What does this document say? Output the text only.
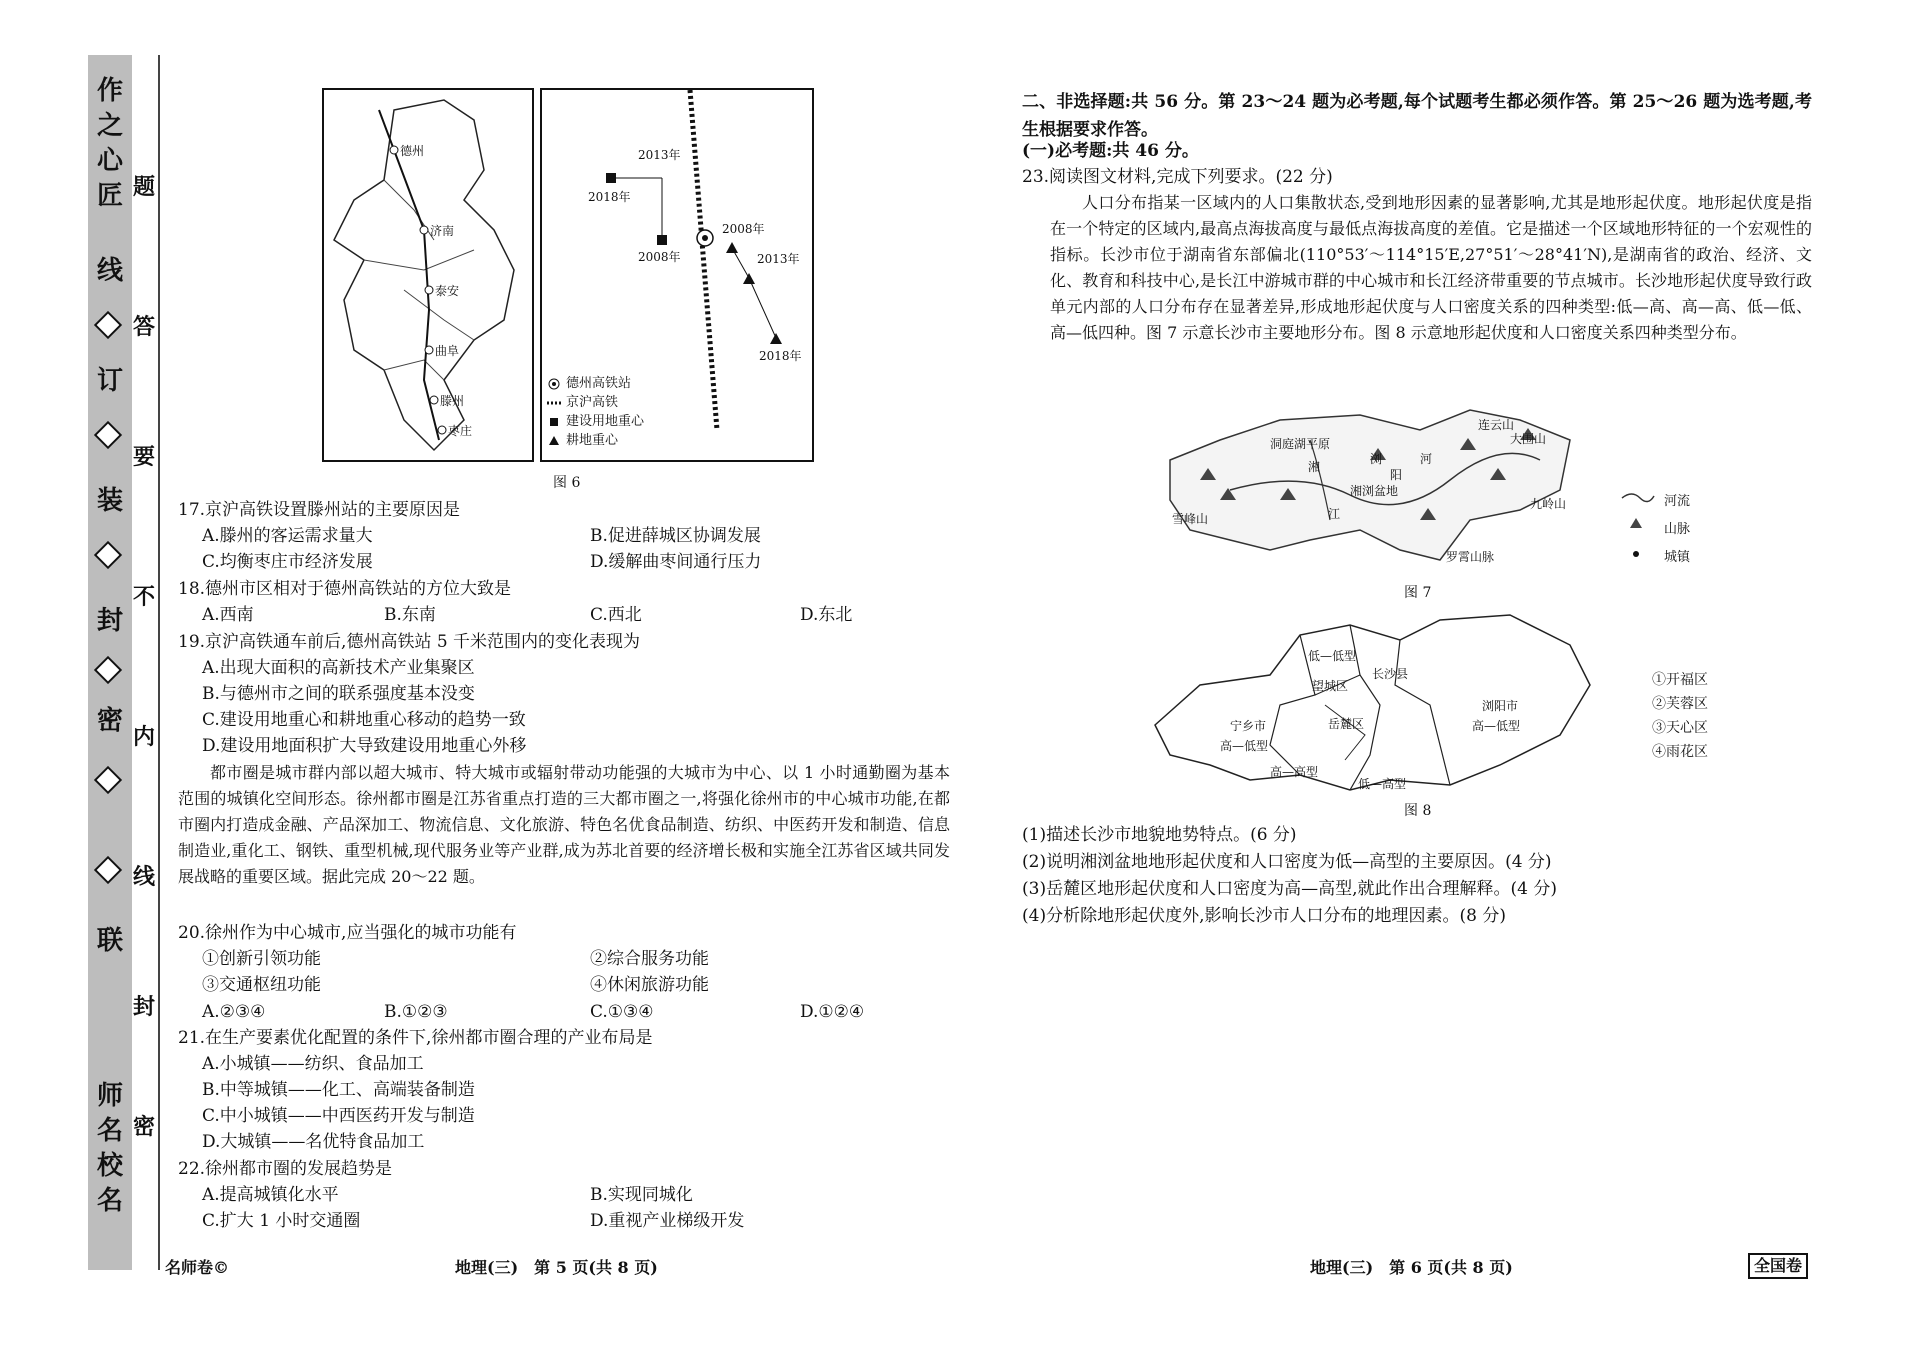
名
校
名
师
联
密
封
装
订
线
作
之
心
匠 题
答
要
不
内
线
封
密
德州
济南
泰安
曲阜
滕州
枣庄
2013年
2018年
2008年
2008年
2013年
2018年
德州高铁站
京沪高铁
建设用地重心
耕地重心
图 6
17.京沪高铁设置滕州站的主要原因是
A.滕州的客运需求量大	B.促进薛城区协调发展
C.均衡枣庄市经济发展	D.缓解曲枣间通行压力
18.德州市区相对于德州高铁站的方位大致是
A.西南	B.东南	C.西北	D.东北
19.京沪高铁通车前后,德州高铁站 5 千米范围内的变化表现为
A.出现大面积的高新技术产业集聚区
B.与德州市之间的联系强度基本没变
C.建设用地重心和耕地重心移动的趋势一致
D.建设用地面积扩大导致建设用地重心外移
都市圈是城市群内部以超大城市、特大城市或辐射带动功能强的大城市为中心、以 1 小时通勤圈为基本范围的城镇化空间形态。徐州都市圈是江苏省重点打造的三大都市圈之一,将强化徐州市的中心城市功能,在都市圈内打造成金融、产品深加工、物流信息、文化旅游、特色名优食品制造、纺织、中医药开发和制造、信息制造业,重化工、钢铁、重型机械,现代服务业等产业群,成为苏北首要的经济增长极和实施全江苏省区域共同发展战略的重要区域。据此完成 20～22 题。
20.徐州作为中心城市,应当强化的城市功能有
①创新引领功能	②综合服务功能
③交通枢纽功能	④休闲旅游功能
A.②③④	B.①②③	C.①③④	D.①②④
21.在生产要素优化配置的条件下,徐州都市圈合理的产业布局是
A.小城镇——纺织、食品加工
B.中等城镇——化工、高端装备制造
C.中小城镇——中西医药开发与制造
D.大城镇——名优特食品加工
22.徐州都市圈的发展趋势是
A.提高城镇化水平	B.实现同城化
C.扩大 1 小时交通圈	D.重视产业梯级开发
名师卷©	地理(三)　第 5 页(共 8 页)
二、非选择题:共 56 分。第 23～24 题为必考题,每个试题考生都必须作答。第 25～26 题为选考题,考生根据要求作答。
(一)必考题:共 46 分。
23.阅读图文材料,完成下列要求。(22 分)
人口分布指某一区域内的人口集散状态,受到地形因素的显著影响,尤其是地形起伏度。地形起伏度是指在一个特定的区域内,最高点海拔高度与最低点海拔高度的差值。它是描述一个区域地形特征的一个宏观性的指标。长沙市位于湖南省东部偏北(110°53′～114°15′E,27°51′～28°41′N),是湖南省的政治、经济、文化、教育和科技中心,是长江中游城市群的中心城市和长江经济带重要的节点城市。长沙地形起伏度导致行政单元内部的人口分布存在显著差异,形成地形起伏度与人口密度关系的四种类型:低—高、高—高、低—低、高—低四种。图 7 示意长沙市主要地形分布。图 8 示意地形起伏度和人口密度关系四种类型分布。
洞庭湖平原
湘
浏
阳
河
江
湘浏盆地
连云山
大围山
九岭山
雪峰山
罗霄山脉
河流
山脉
城镇
图 7
低—低型
望城区
长沙县
宁乡市
高—低型
岳麓区
浏阳市
高—低型
低—高型
高—高型
①开福区
②芙蓉区
③天心区
④雨花区
图 8
(1)描述长沙市地貌地势特点。(6 分)
(2)说明湘浏盆地地形起伏度和人口密度为低—高型的主要原因。(4 分)
(3)岳麓区地形起伏度和人口密度为高—高型,就此作出合理解释。(4 分)
(4)分析除地形起伏度外,影响长沙市人口分布的地理因素。(8 分)
地理(三)　第 6 页(共 8 页)	全国卷
